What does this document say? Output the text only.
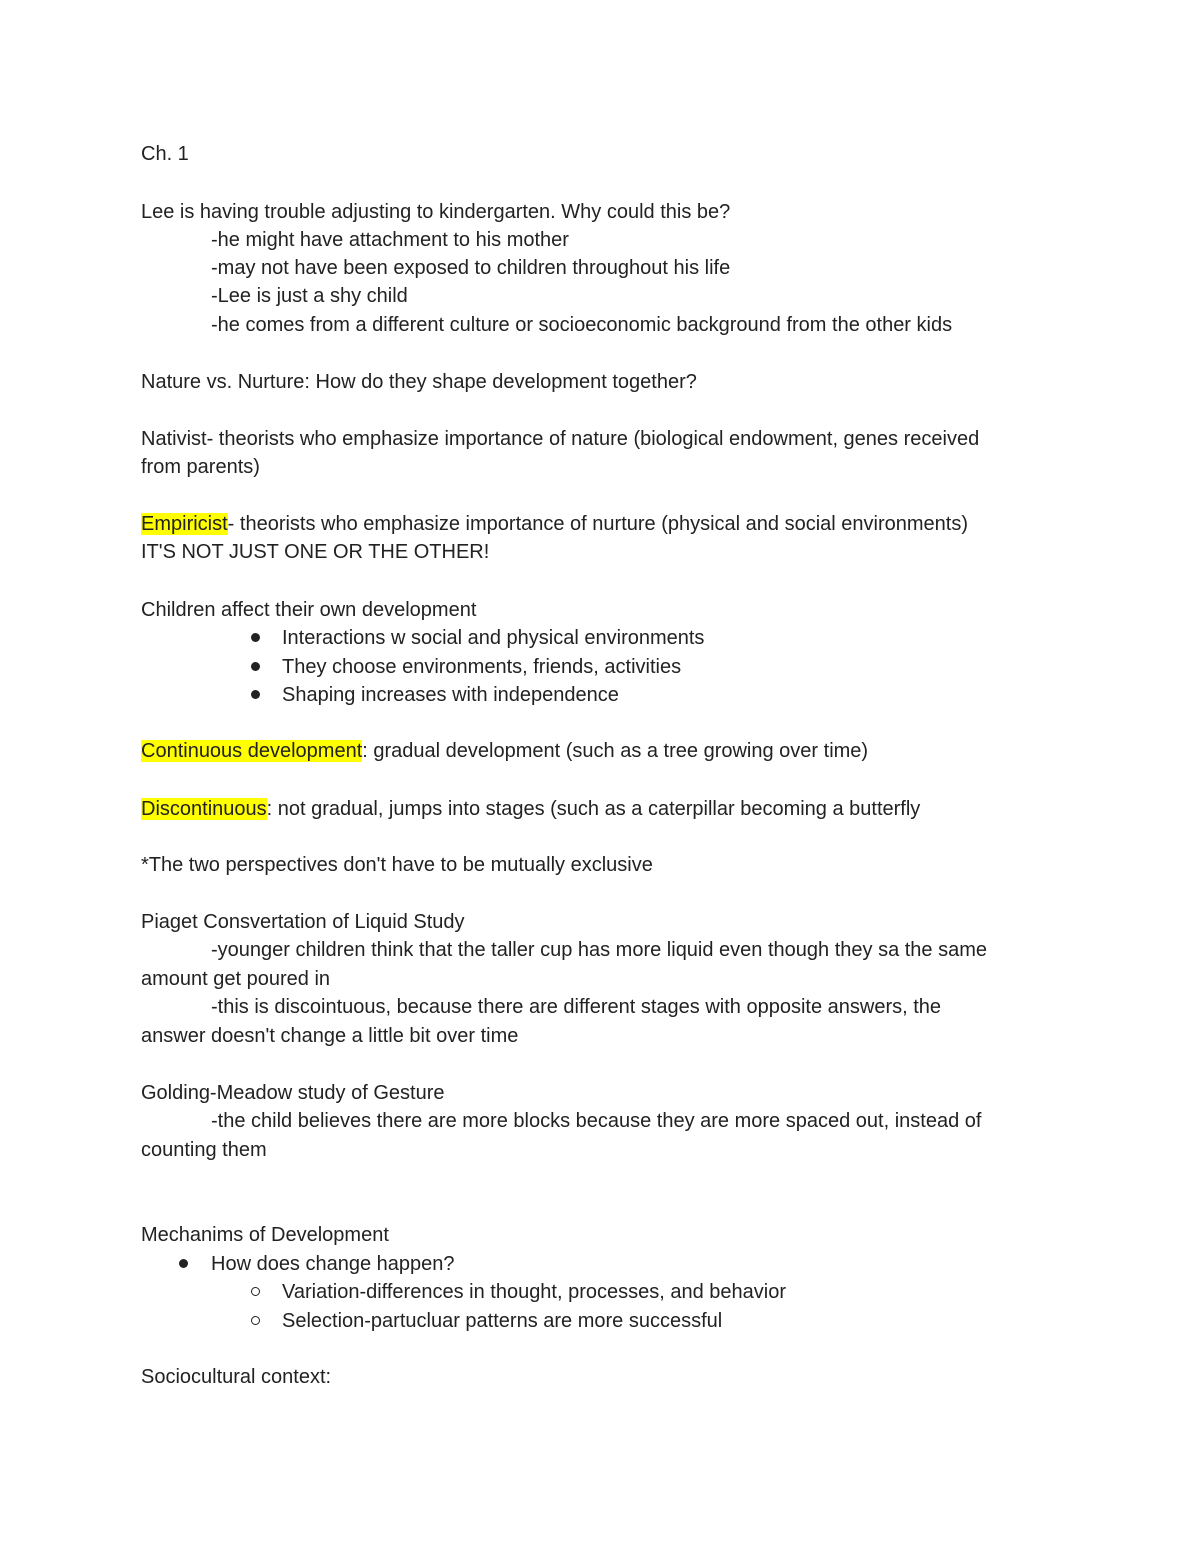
Ch. 1
Lee is having trouble adjusting to kindergarten. Why could this be?
-he might have attachment to his mother
-may not have been exposed to children throughout his life
-Lee is just a shy child
-he comes from a different culture or socioeconomic background from the other kids
Nature vs. Nurture: How do they shape development together?
Nativist- theorists who emphasize importance of nature (biological endowment, genes received
from parents)
Empiricist- theorists who emphasize importance of nurture (physical and social environments)
IT'S NOT JUST ONE OR THE OTHER!
Children affect their own development
Interactions w social and physical environments
They choose environments, friends, activities
Shaping increases with independence
Continuous development: gradual development (such as a tree growing over time)
Discontinuous: not gradual, jumps into stages (such as a caterpillar becoming a butterfly
*The two perspectives don't have to be mutually exclusive
Piaget Consvertation of Liquid Study
-younger children think that the taller cup has more liquid even though they sa the same
amount get poured in
-this is discointuous, because there are different stages with opposite answers, the
answer doesn't change a little bit over time
Golding-Meadow study of Gesture
-the child believes there are more blocks because they are more spaced out, instead of
counting them
Mechanims of Development
How does change happen?
Variation-differences in thought, processes, and behavior
Selection-partucluar patterns are more successful
Sociocultural context:
